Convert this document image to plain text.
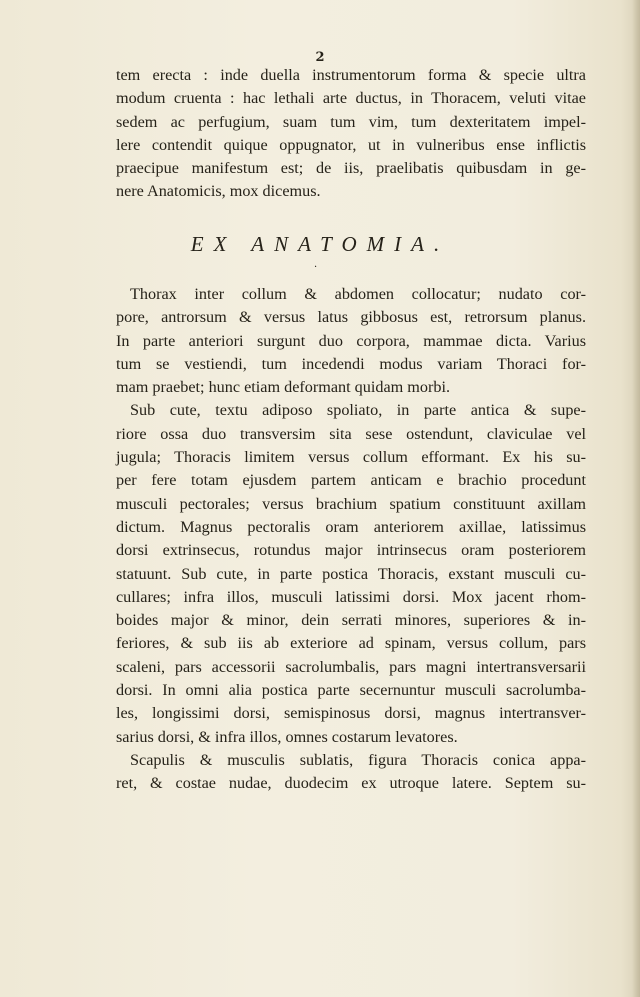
2
tem erecta : inde duella instrumentorum forma & specie ultra
modum cruenta : hac lethali arte ductus, in Thoracem, veluti vitae
sedem ac perfugium, suam tum vim, tum dexteritatem impel-
lere contendit quique oppugnator, ut in vulneribus ense inflictis
praecipue manifestum est; de iis, praelibatis quibusdam in ge-
nere Anatomicis, mox dicemus.
EX ANATOMIA.
·
Thorax inter collum & abdomen collocatur; nudato cor-
pore, antrorsum & versus latus gibbosus est, retrorsum planus.
In parte anteriori surgunt duo corpora, mammae dicta. Varius
tum se vestiendi, tum incedendi modus variam Thoraci for-
mam praebet; hunc etiam deformant quidam morbi.
Sub cute, textu adiposo spoliato, in parte antica & supe-
riore ossa duo transversim sita sese ostendunt, claviculae vel
jugula; Thoracis limitem versus collum efformant. Ex his su-
per fere totam ejusdem partem anticam e brachio procedunt
musculi pectorales; versus brachium spatium constituunt axillam
dictum. Magnus pectoralis oram anteriorem axillae, latissimus
dorsi extrinsecus, rotundus major intrinsecus oram posteriorem
statuunt. Sub cute, in parte postica Thoracis, exstant musculi cu-
cullares; infra illos, musculi latissimi dorsi. Mox jacent rhom-
boides major & minor, dein serrati minores, superiores & in-
feriores, & sub iis ab exteriore ad spinam, versus collum, pars
scaleni, pars accessorii sacrolumbalis, pars magni intertransversarii
dorsi. In omni alia postica parte secernuntur musculi sacrolumba-
les, longissimi dorsi, semispinosus dorsi, magnus intertransver-
sarius dorsi, & infra illos, omnes costarum levatores.
Scapulis & musculis sublatis, figura Thoracis conica appa-
ret, & costae nudae, duodecim ex utroque latere. Septem su-
